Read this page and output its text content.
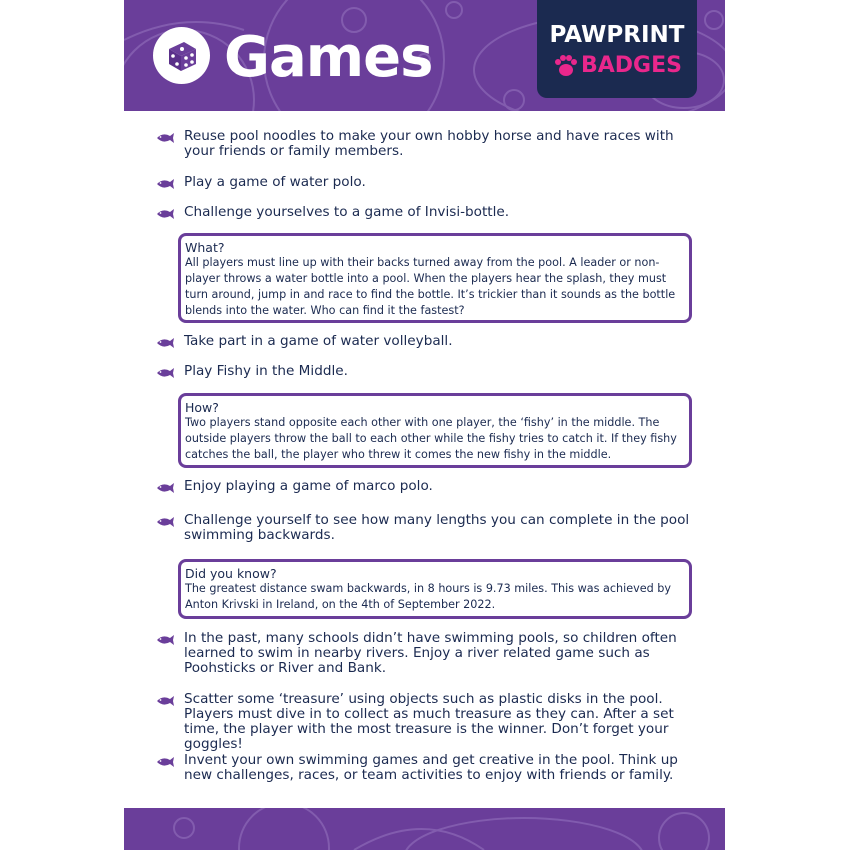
Games	PAWPRINT
BADGES
Reuse pool noodles to make your own hobby horse and have races with your friends or family members.
Play a game of water polo.
Challenge yourselves to a game of Invisi-bottle.
What?
All players must line up with their backs turned away from the pool. A leader or non-player throws a water bottle into a pool. When the players hear the splash, they must turn around, jump in and race to find the bottle. It’s trickier than it sounds as the bottle blends into the water. Who can find it the fastest?
Take part in a game of water volleyball.
Play Fishy in the Middle.
How?
Two players stand opposite each other with one player, the ‘fishy’ in the middle. The outside players throw the ball to each other while the fishy tries to catch it. If they fishy catches the ball, the player who threw it comes the new fishy in the middle.
Enjoy playing a game of marco polo.
Challenge yourself to see how many lengths you can complete in the pool swimming backwards.
Did you know?
The greatest distance swam backwards, in 8 hours is 9.73 miles. This was achieved by Anton Krivski in Ireland, on the 4th of September 2022.
In the past, many schools didn’t have swimming pools, so children often learned to swim in nearby rivers. Enjoy a river related game such as Poohsticks or River and Bank.
Scatter some ‘treasure’ using objects such as plastic disks in the pool. Players must dive in to collect as much treasure as they can. After a set time, the player with the most treasure is the winner. Don’t forget your goggles!
Invent your own swimming games and get creative in the pool. Think up new challenges, races, or team activities to enjoy with friends or family.
